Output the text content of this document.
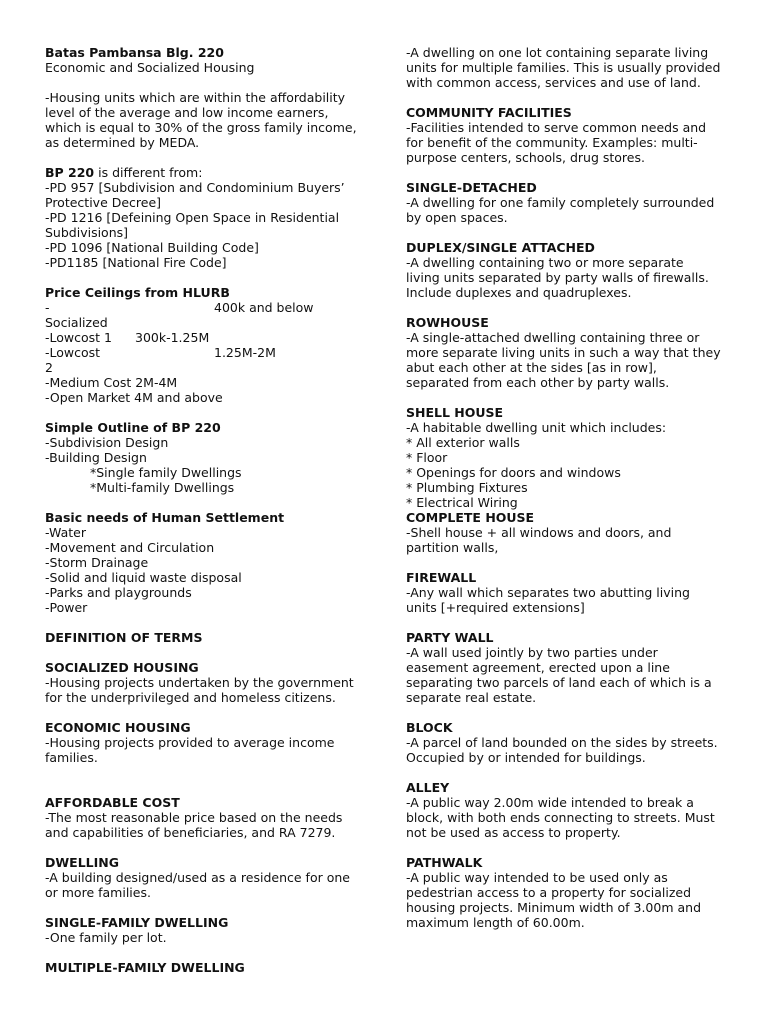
Batas Pambansa Blg. 220
Economic and Socialized Housing
-Housing units which are within the affordability
level of the average and low income earners,
which is equal to 30% of the gross family income,
as determined by MEDA.
BP 220 is different from:
-PD 957 [Subdivision and Condominium Buyers’
Protective Decree]
-PD 1216 [Defeining Open Space in Residential
Subdivisions]
-PD 1096 [National Building Code]
-PD1185 [National Fire Code]
Price Ceilings from HLURB
-Socialized
400k and below
-Lowcost 1	300k-1.25M
-Lowcost 2
1.25M-2M
-Medium Cost 2M-4M
-Open Market 4M and above
Simple Outline of BP 220
-Subdivision Design
-Building Design
*Single family Dwellings
*Multi-family Dwellings
Basic needs of Human Settlement
-Water
-Movement and Circulation
-Storm Drainage
-Solid and liquid waste disposal
-Parks and playgrounds
-Power
DEFINITION OF TERMS
SOCIALIZED HOUSING
-Housing projects undertaken by the government
for the underprivileged and homeless citizens.
ECONOMIC HOUSING
-Housing projects provided to average income
families.
AFFORDABLE COST
-The most reasonable price based on the needs
and capabilities of beneficiaries, and RA 7279.
DWELLING
-A building designed/used as a residence for one
or more families.
SINGLE-FAMILY DWELLING
-One family per lot.
MULTIPLE-FAMILY DWELLING
-A dwelling on one lot containing separate living
units for multiple families. This is usually provided
with common access, services and use of land.
COMMUNITY FACILITIES
-Facilities intended to serve common needs and
for benefit of the community. Examples: multi-
purpose centers, schools, drug stores.
SINGLE-DETACHED
-A dwelling for one family completely surrounded
by open spaces.
DUPLEX/SINGLE ATTACHED
-A dwelling containing two or more separate
living units separated by party walls of firewalls.
Include duplexes and quadruplexes.
ROWHOUSE
-A single-attached dwelling containing three or
more separate living units in such a way that they
abut each other at the sides [as in row],
separated from each other by party walls.
SHELL HOUSE
-A habitable dwelling unit which includes:
* All exterior walls
* Floor
* Openings for doors and windows
* Plumbing Fixtures
* Electrical Wiring
COMPLETE HOUSE
-Shell house + all windows and doors, and
partition walls,
FIREWALL
-Any wall which separates two abutting living
units [+required extensions]
PARTY WALL
-A wall used jointly by two parties under
easement agreement, erected upon a line
separating two parcels of land each of which is a
separate real estate.
BLOCK
-A parcel of land bounded on the sides by streets.
Occupied by or intended for buildings.
ALLEY
-A public way 2.00m wide intended to break a
block, with both ends connecting to streets. Must
not be used as access to property.
PATHWALK
-A public way intended to be used only as
pedestrian access to a property for socialized
housing projects. Minimum width of 3.00m and
maximum length of 60.00m.
